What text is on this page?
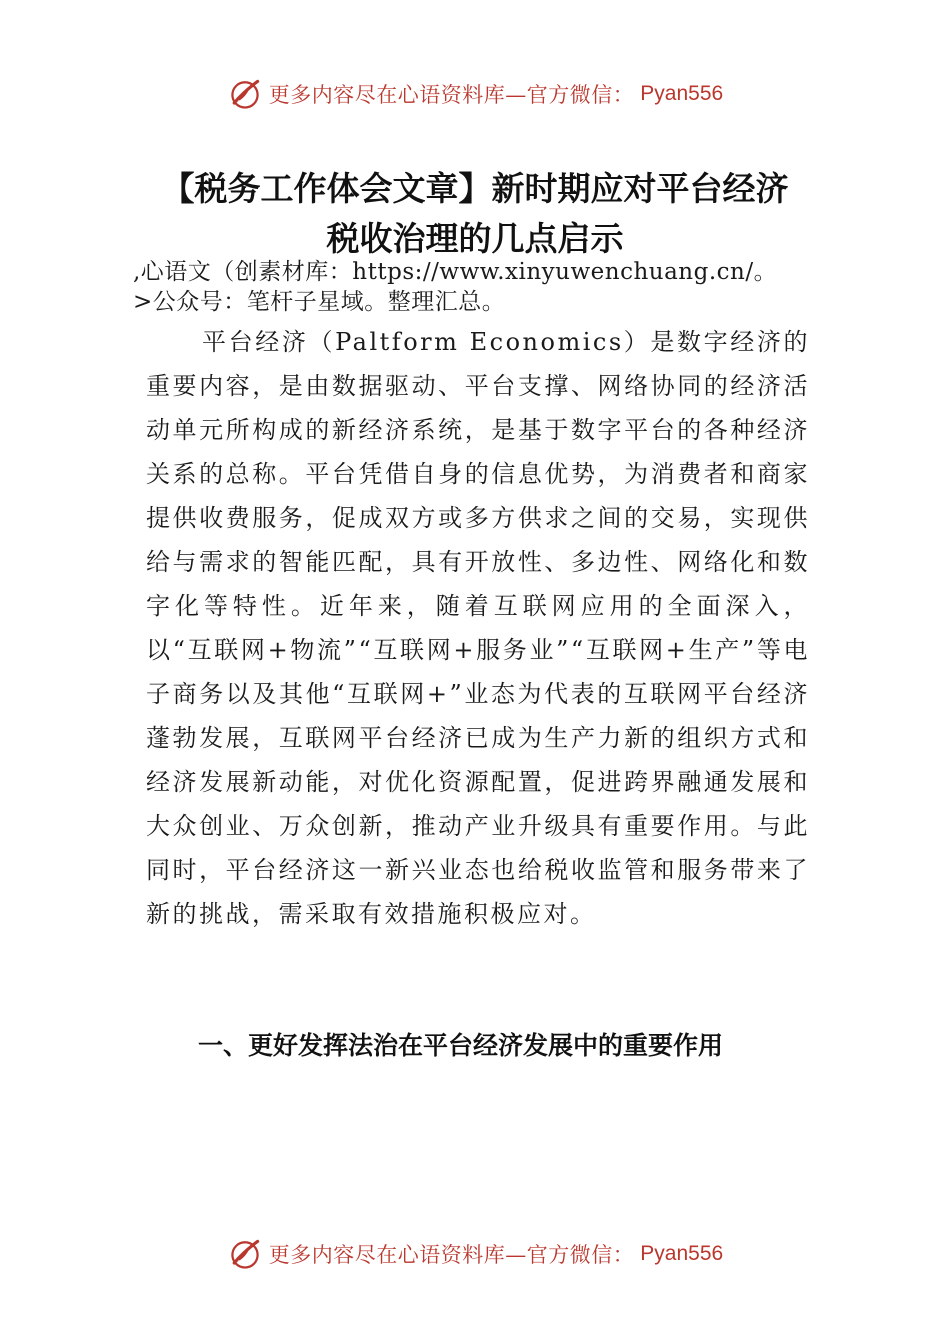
更多内容尽在心语资料库—官方微信： Pyan556
【税务工作体会文章】新时期应对平台经济
税收治理的几点启示
,心语文（创素材库：https://www.xinyuwenchuang.cn/。
>公众号：笔杆子星域。整理汇总。

平台经济（Paltform Economics）是数字经济的重要内容，是由数据驱动、平台支撑、网络协同的经济活动单元所构成的新经济系统，是基于数字平台的各种经济关系的总称。平台凭借自身的信息优势，为消费者和商家提供收费服务，促成双方或多方供求之间的交易，实现供给与需求的智能匹配，具有开放性、多边性、网络化和数字化等特性。近年来，随着互联网应用的全面深入，以“互联网+物流”“互联网+服务业”“互联网+生产”等电子商务以及其他“互联网+”业态为代表的互联网平台经济蓬勃发展，互联网平台经济已成为生产力新的组织方式和经济发展新动能，对优化资源配置，促进跨界融通发展和大众创业、万众创新，推动产业升级具有重要作用。与此同时，平台经济这一新兴业态也给税收监管和服务带来了新的挑战，需采取有效措施积极应对。

一、更好发挥法治在平台经济发展中的重要作用
更多内容尽在心语资料库—官方微信： Pyan556
